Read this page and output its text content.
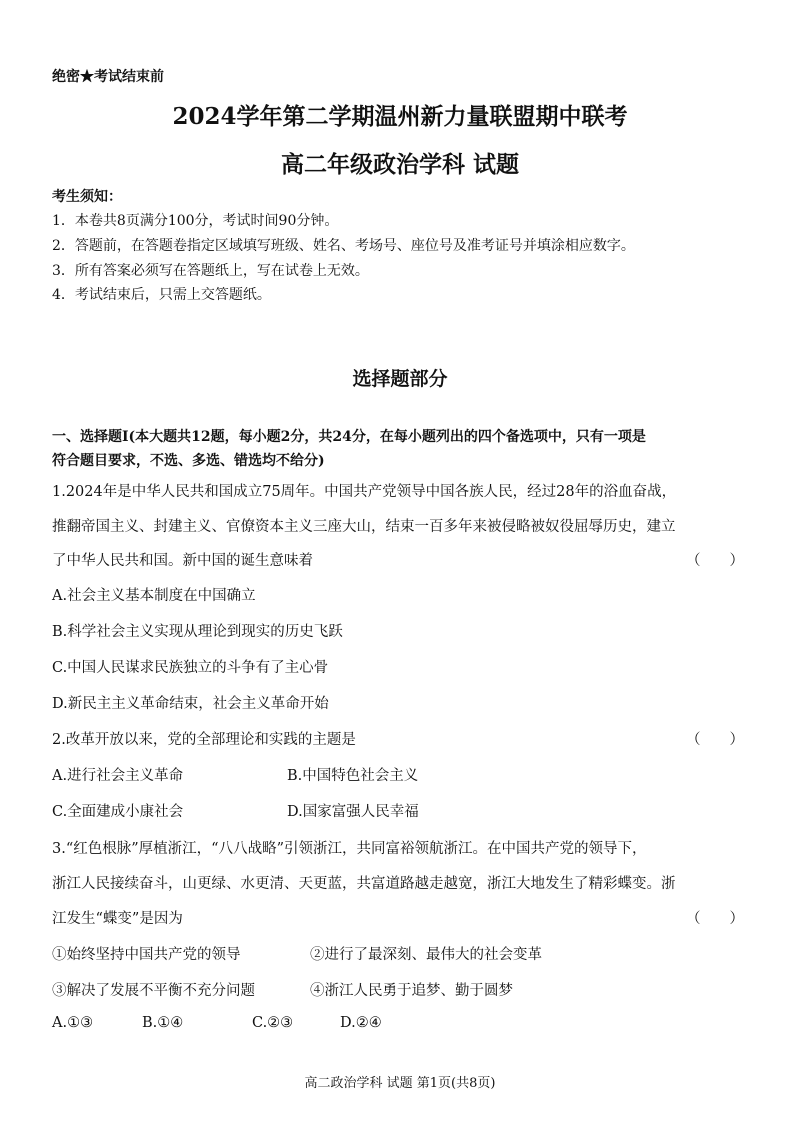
绝密★考试结束前
2024学年第二学期温州新力量联盟期中联考
高二年级政治学科 试题
考生须知：
1．本卷共8页满分100分，考试时间90分钟。
2．答题前，在答题卷指定区域填写班级、姓名、考场号、座位号及准考证号并填涂相应数字。
3．所有答案必须写在答题纸上，写在试卷上无效。
4．考试结束后，只需上交答题纸。
选择题部分
一、选择题Ⅰ(本大题共12题，每小题2分，共24分，在每小题列出的四个备选项中，只有一项是
符合题目要求，不选、多选、错选均不给分)
1.2024年是中华人民共和国成立75周年。中国共产党领导中国各族人民，经过28年的浴血奋战，
推翻帝国主义、封建主义、官僚资本主义三座大山，结束一百多年来被侵略被奴役屈辱历史，建立
了中华人民共和国。新中国的诞生意味着	（　　）
A.社会主义基本制度在中国确立
B.科学社会主义实现从理论到现实的历史飞跃
C.中国人民谋求民族独立的斗争有了主心骨
D.新民主主义革命结束，社会主义革命开始
2.改革开放以来，党的全部理论和实践的主题是	（　　）
A.进行社会主义革命	B.中国特色社会主义
C.全面建成小康社会	D.国家富强人民幸福
3.“红色根脉”厚植浙江，“八八战略”引领浙江，共同富裕领航浙江。在中国共产党的领导下，
浙江人民接续奋斗，山更绿、水更清、天更蓝，共富道路越走越宽，浙江大地发生了精彩蝶变。浙
江发生“蝶变”是因为	（　　）
①始终坚持中国共产党的领导	②进行了最深刻、最伟大的社会变革
③解决了发展不平衡不充分问题	④浙江人民勇于追梦、勤于圆梦
A.①③	B.①④	C.②③	D.②④
高二政治学科 试题 第1页(共8页)
